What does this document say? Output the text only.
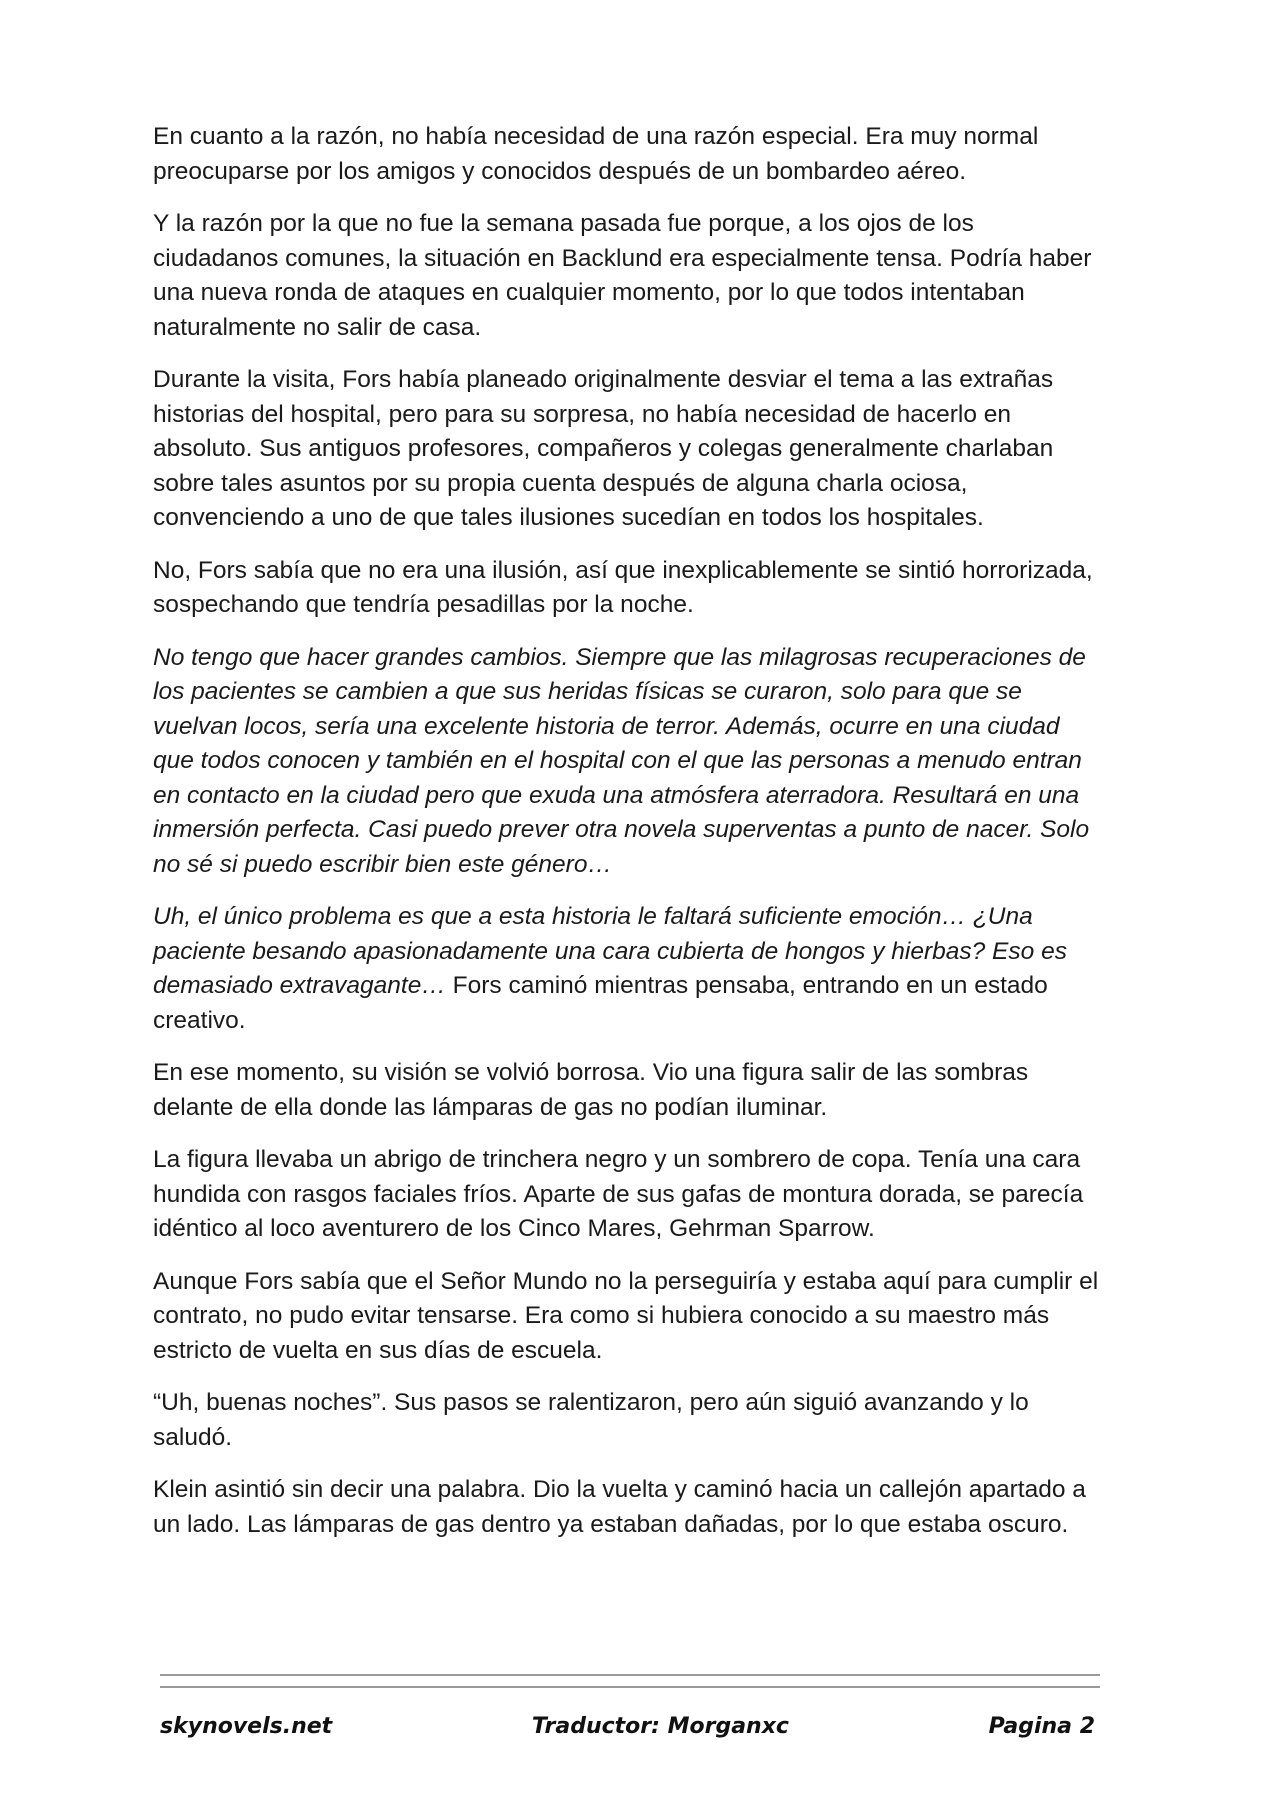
En cuanto a la razón, no había necesidad de una razón especial. Era muy normal preocuparse por los amigos y conocidos después de un bombardeo aéreo.

Y la razón por la que no fue la semana pasada fue porque, a los ojos de los ciudadanos comunes, la situación en Backlund era especialmente tensa. Podría haber una nueva ronda de ataques en cualquier momento, por lo que todos intentaban naturalmente no salir de casa.

Durante la visita, Fors había planeado originalmente desviar el tema a las extrañas historias del hospital, pero para su sorpresa, no había necesidad de hacerlo en absoluto. Sus antiguos profesores, compañeros y colegas generalmente charlaban sobre tales asuntos por su propia cuenta después de alguna charla ociosa, convenciendo a uno de que tales ilusiones sucedían en todos los hospitales.

No, Fors sabía que no era una ilusión, así que inexplicablemente se sintió horrorizada, sospechando que tendría pesadillas por la noche.

No tengo que hacer grandes cambios. Siempre que las milagrosas recuperaciones de los pacientes se cambien a que sus heridas físicas se curaron, solo para que se vuelvan locos, sería una excelente historia de terror. Además, ocurre en una ciudad que todos conocen y también en el hospital con el que las personas a menudo entran en contacto en la ciudad pero que exuda una atmósfera aterradora. Resultará en una inmersión perfecta. Casi puedo prever otra novela superventas a punto de nacer. Solo no sé si puedo escribir bien este género…

Uh, el único problema es que a esta historia le faltará suficiente emoción… ¿Una paciente besando apasionadamente una cara cubierta de hongos y hierbas? Eso es demasiado extravagante… Fors caminó mientras pensaba, entrando en un estado creativo.

En ese momento, su visión se volvió borrosa. Vio una figura salir de las sombras delante de ella donde las lámparas de gas no podían iluminar.

La figura llevaba un abrigo de trinchera negro y un sombrero de copa. Tenía una cara hundida con rasgos faciales fríos. Aparte de sus gafas de montura dorada, se parecía idéntico al loco aventurero de los Cinco Mares, Gehrman Sparrow.

Aunque Fors sabía que el Señor Mundo no la perseguiría y estaba aquí para cumplir el contrato, no pudo evitar tensarse. Era como si hubiera conocido a su maestro más estricto de vuelta en sus días de escuela.

“Uh, buenas noches”. Sus pasos se ralentizaron, pero aún siguió avanzando y lo saludó.

Klein asintió sin decir una palabra. Dio la vuelta y caminó hacia un callejón apartado a un lado. Las lámparas de gas dentro ya estaban dañadas, por lo que estaba oscuro.

skynovels.net	Traductor: Morganxc	Pagina 2
